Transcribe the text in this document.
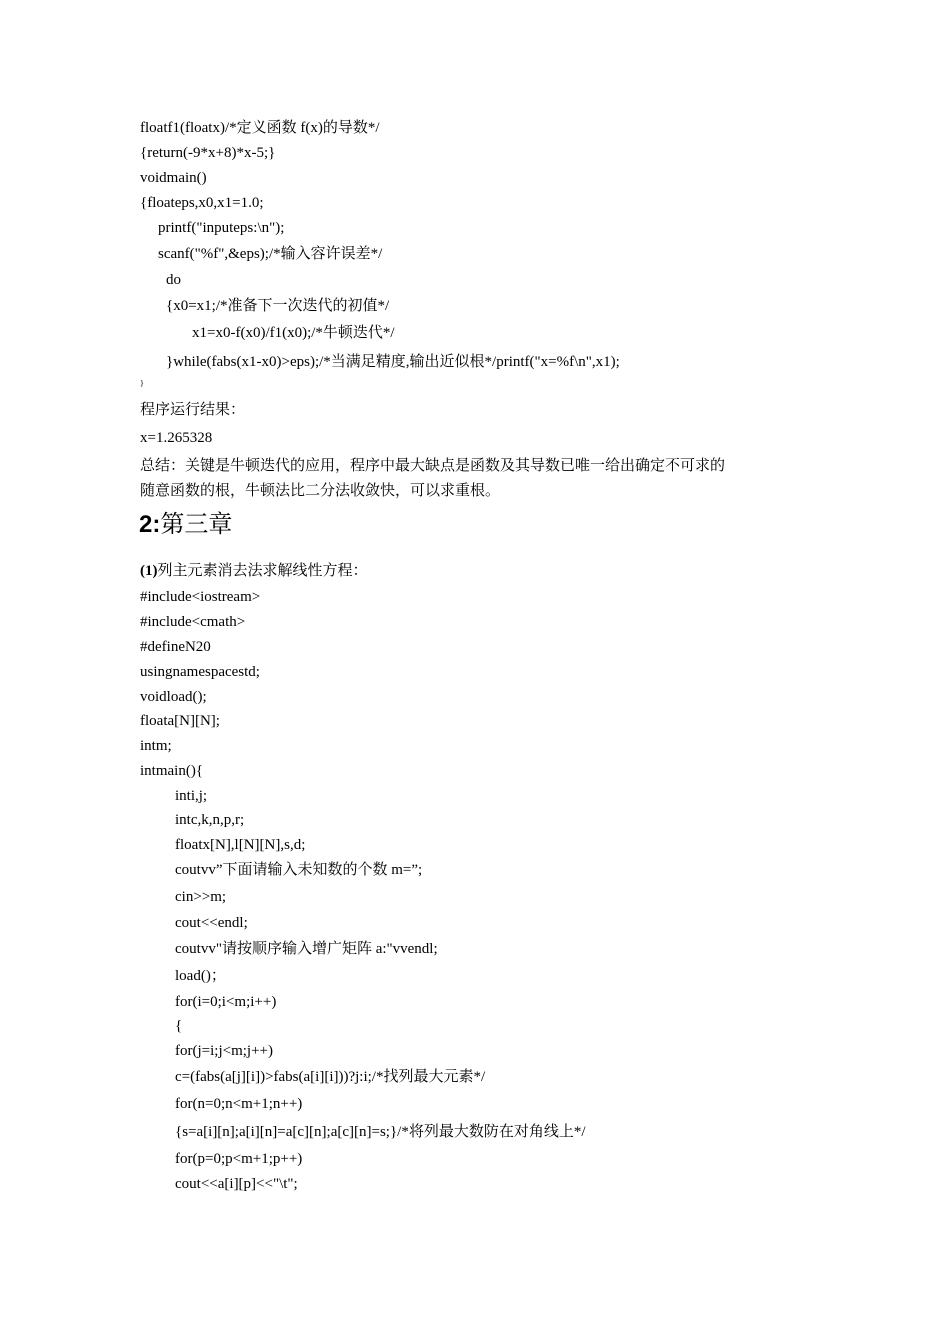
floatf1(floatx)/*定义函数 f(x)的导数*/
{return(-9*x+8)*x-5;}
voidmain()
{floateps,x0,x1=1.0;
printf("inputeps:\n");
scanf("%f",&eps);/*输入容许误差*/
do
{x0=x1;/*准备下一次迭代的初值*/
x1=x0-f(x0)/f1(x0);/*牛顿迭代*/
}while(fabs(x1-x0)>eps);/*当满足精度,输出近似根*/printf("x=%f\n",x1);
}
程序运行结果：
x=1.265328
总结：关键是牛顿迭代的应用，程序中最大缺点是函数及其导数已唯一给出确定不可求的
随意函数的根，牛顿法比二分法收敛快，可以求重根。
2:第三章
(1)列主元素消去法求解线性方程：
#include<iostream>
#include<cmath>
#defineN20
usingnamespacestd;
voidload();
floata[N][N];
intm;
intmain(){
inti,j;
intc,k,n,p,r;
floatx[N],l[N][N],s,d;
coutvv”下面请输入未知数的个数 m=”;
cin>>m;
cout<<endl;
coutvv"请按顺序输入增广矩阵 a:"vvendl;
load()；
for(i=0;i<m;i++)
{
for(j=i;j<m;j++)
c=(fabs(a[j][i])>fabs(a[i][i]))?j:i;/*找列最大元素*/
for(n=0;n<m+1;n++)
{s=a[i][n];a[i][n]=a[c][n];a[c][n]=s;}/*将列最大数防在对角线上*/
for(p=0;p<m+1;p++)
cout<<a[i][p]<<"\t";
